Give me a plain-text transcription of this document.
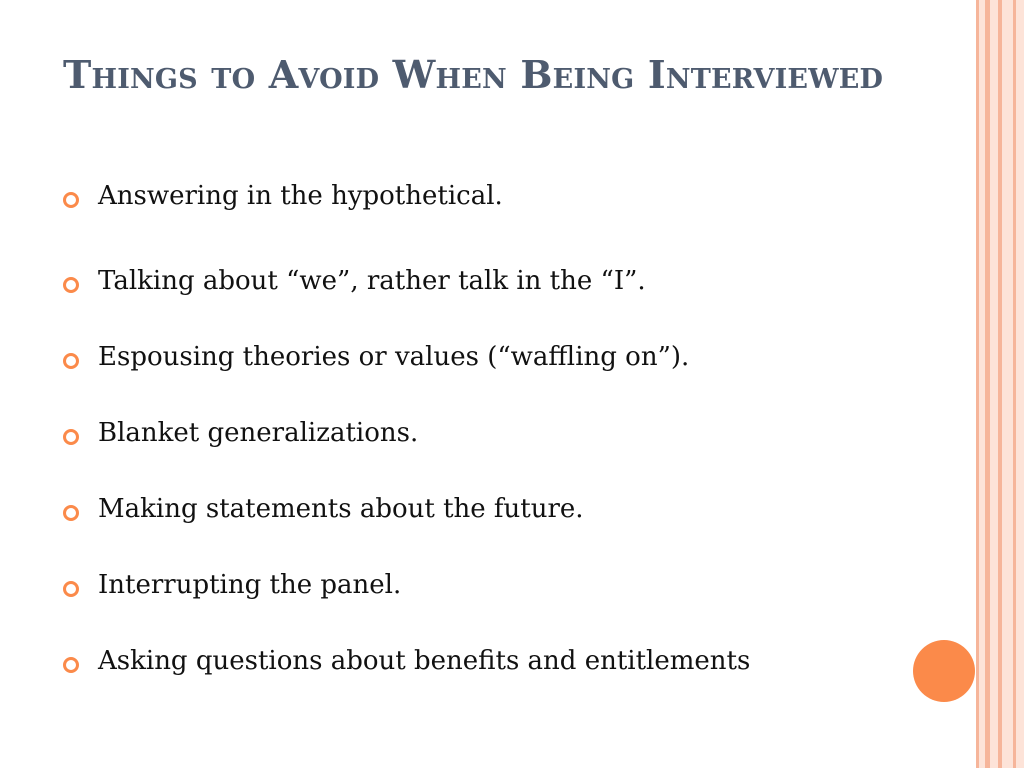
Things to Avoid When Being Interviewed
Answering in the hypothetical.
Talking about “we”, rather talk in the “I”.
Espousing theories or values (“waffling on”).
Blanket generalizations.
Making statements about the future.
Interrupting the panel.
Asking questions about benefits and entitlements
